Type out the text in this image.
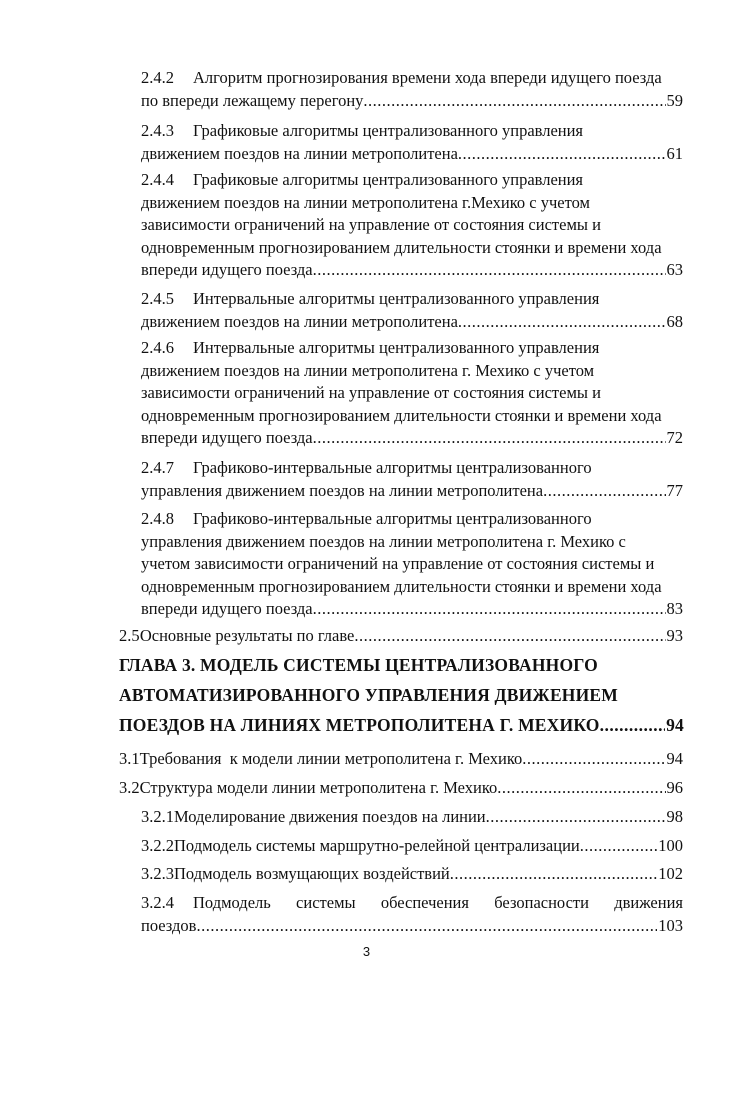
2.4.2 Алгоритм прогнозирования времени хода впереди идущего поезда
по впереди лежащему перегону .....	59
2.4.3 Графиковые алгоритмы централизованного управления
движением поездов на линии метрополитена .....	61
2.4.4 Графиковые алгоритмы централизованного управления
движением поездов на линии метрополитена г.Мехико с учетом
зависимости ограничений на управление от состояния системы и
одновременным прогнозированием длительности стоянки и времени хода
впереди идущего поезда .....	63
2.4.5 Интервальные алгоритмы централизованного управления
движением поездов на линии метрополитена .....	68
2.4.6 Интервальные алгоритмы централизованного управления
движением поездов на линии метрополитена г. Мехико с учетом
зависимости ограничений на управление от состояния системы и
одновременным прогнозированием длительности стоянки и времени хода
впереди идущего поезда .....	72
2.4.7 Графиково-интервальные алгоритмы централизованного
управления движением поездов на линии метрополитена .....	77
2.4.8 Графиково-интервальные алгоритмы централизованного
управления движением поездов на линии метрополитена г. Мехико с
учетом зависимости ограничений на управление от состояния системы и
одновременным прогнозированием длительности стоянки и времени хода
впереди идущего поезда .....	83
2.5 Основные результаты по главе .....	93
ГЛАВА 3. МОДЕЛЬ СИСТЕМЫ ЦЕНТРАЛИЗОВАННОГО
АВТОМАТИЗИРОВАННОГО УПРАВЛЕНИЯ ДВИЖЕНИЕМ
ПОЕЗДОВ НА ЛИНИЯХ МЕТРОПОЛИТЕНА Г. МЕХИКО .....	94
3.1 Требования  к модели линии метрополитена г. Мехико .....	94
3.2 Структура модели линии метрополитена г. Мехико .....	96
3.2.1 Моделирование движения поездов на линии .....	98
3.2.2 Подмодель системы маршрутно-релейной централизации .....	100
3.2.3 Подмодель возмущающих воздействий .....	102
3.2.4	Подмодель системы обеспечения безопасности движения
поездов .....	103
3
